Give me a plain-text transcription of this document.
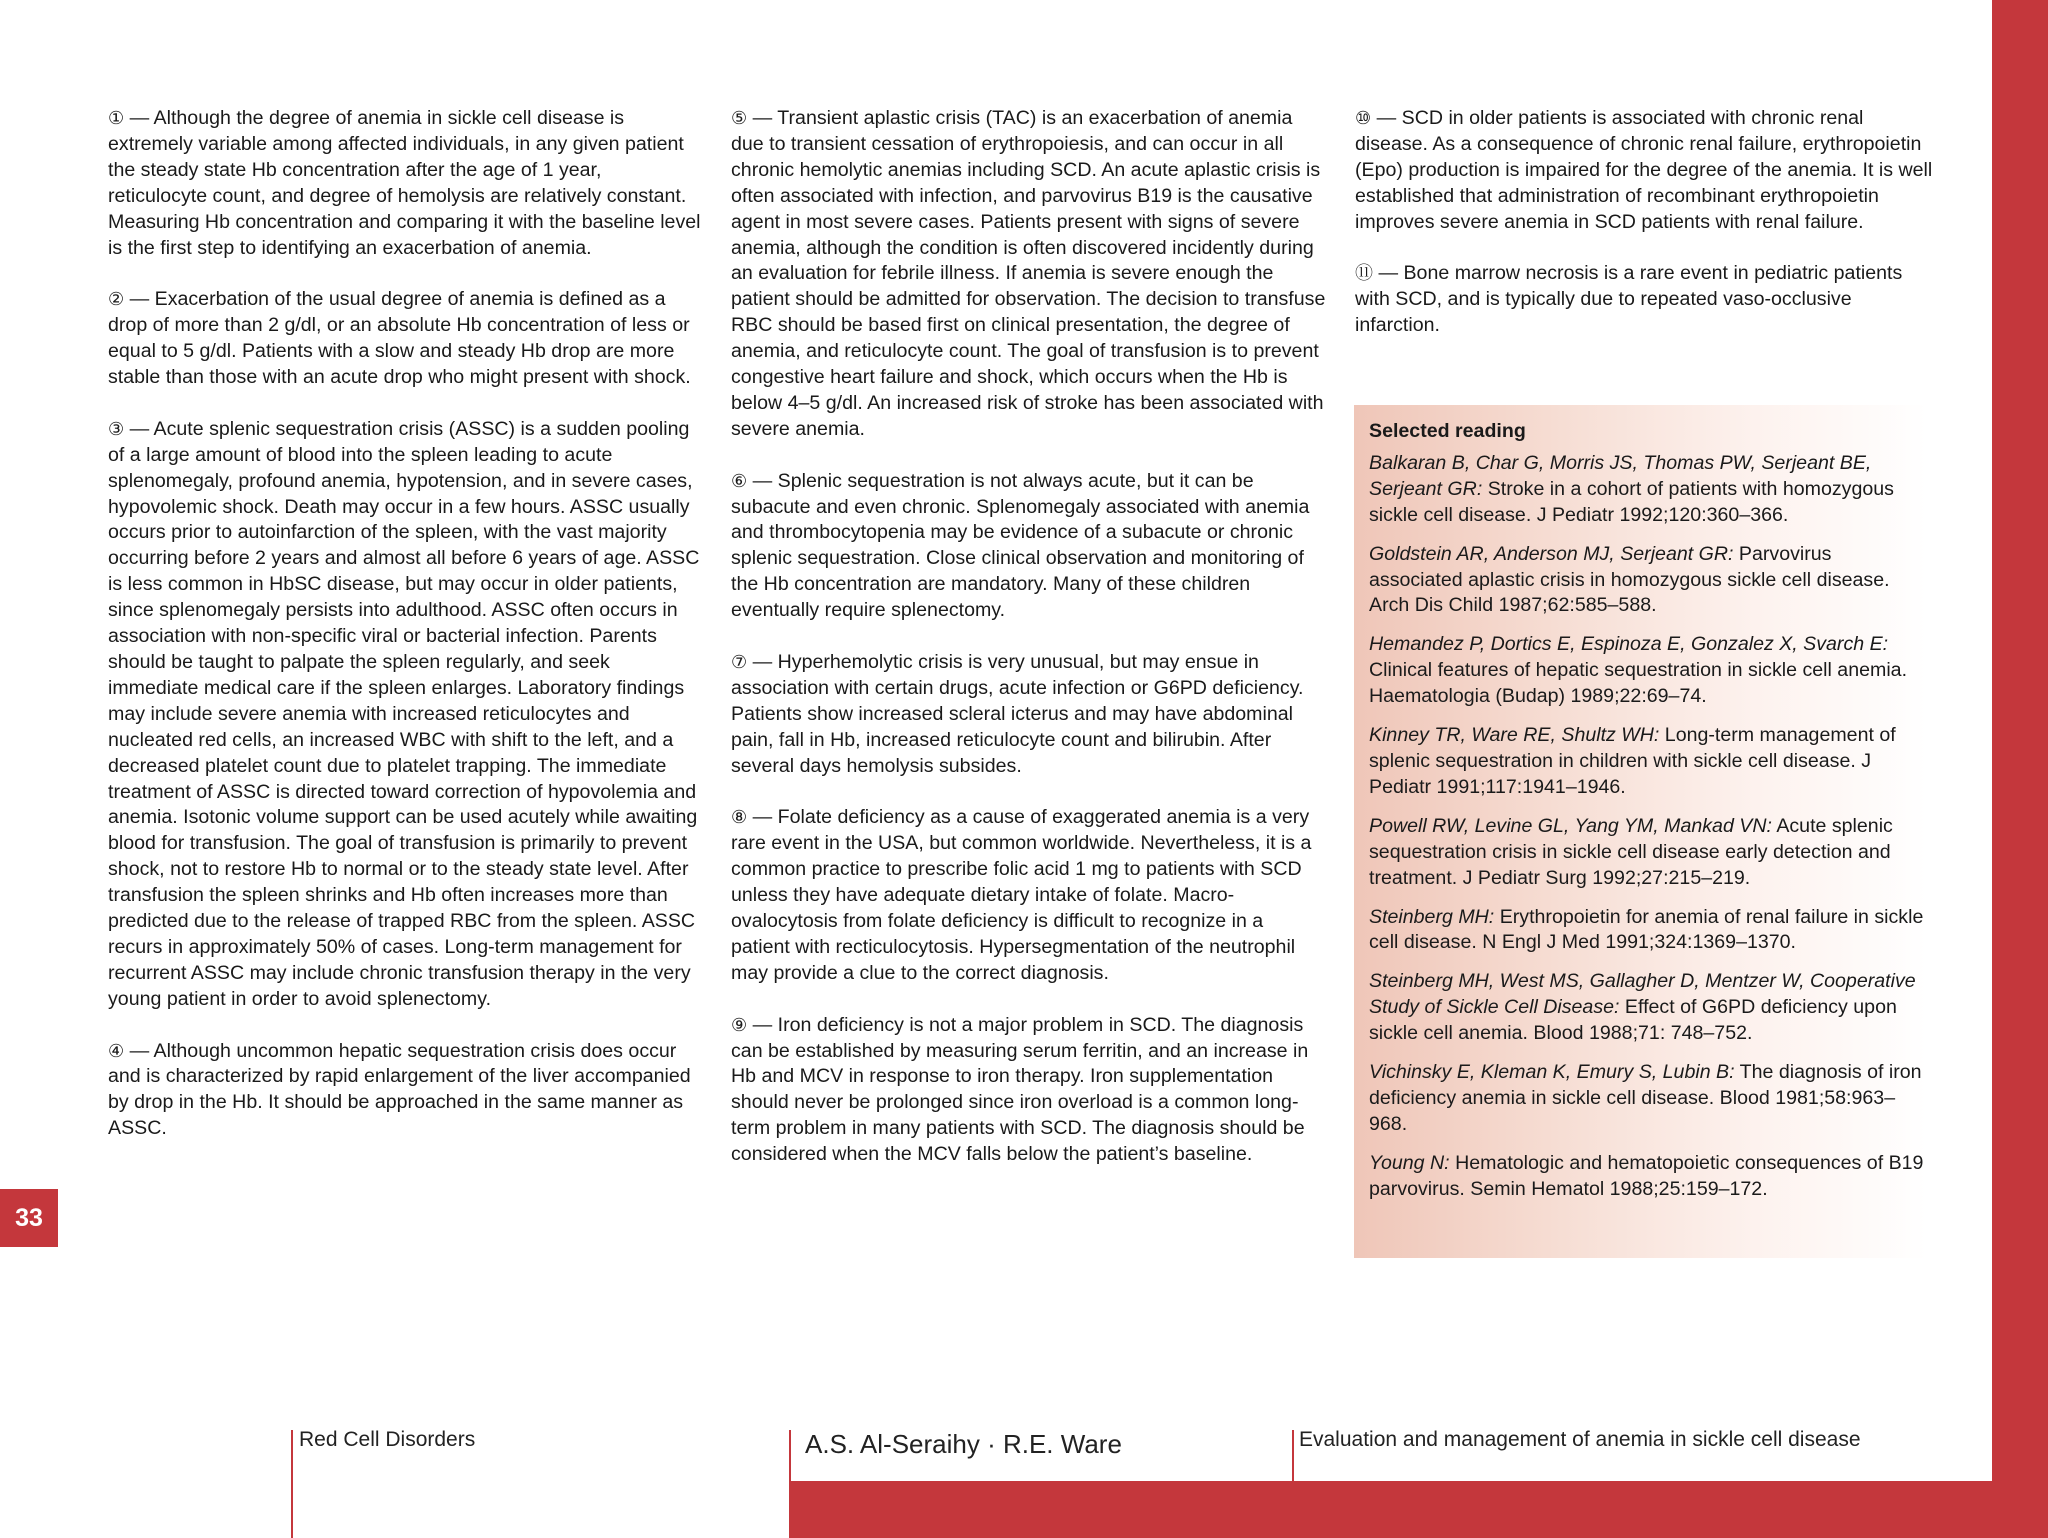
33

① — Although the degree of anemia in sickle cell disease is extremely variable among affected individuals, in any given patient the steady state Hb concentration after the age of 1 year, reticulocyte count, and degree of hemolysis are relatively constant. Measuring Hb concentration and comparing it with the baseline level is the first step to identifying an exacerbation of anemia.

② — Exacerbation of the usual degree of anemia is defined as a drop of more than 2 g/dl, or an absolute Hb concentration of less or equal to 5 g/dl. Patients with a slow and steady Hb drop are more stable than those with an acute drop who might present with shock.

③ — Acute splenic sequestration crisis (ASSC) is a sudden pooling of a large amount of blood into the spleen leading to acute splenomegaly, profound anemia, hypotension, and in severe cases, hypovolemic shock. Death may occur in a few hours. ASSC usually occurs prior to autoinfarction of the spleen, with the vast majority occurring before 2 years and almost all before 6 years of age. ASSC is less common in HbSC disease, but may occur in older patients, since splenomegaly persists into adulthood. ASSC often occurs in association with non-specific viral or bacterial infection. Parents should be taught to palpate the spleen regularly, and seek immediate medical care if the spleen enlarges. Laboratory findings may include severe anemia with increased reticulocytes and nucleated red cells, an increased WBC with shift to the left, and a decreased platelet count due to platelet trapping. The immediate treatment of ASSC is directed toward correction of hypovolemia and anemia. Isotonic volume support can be used acutely while awaiting blood for transfusion. The goal of transfusion is primarily to prevent shock, not to restore Hb to normal or to the steady state level. After transfusion the spleen shrinks and Hb often increases more than predicted due to the release of trapped RBC from the spleen. ASSC recurs in approximately 50% of cases. Long-term management for recurrent ASSC may include chronic transfusion therapy in the very young patient in order to avoid splenectomy.

④ — Although uncommon hepatic sequestration crisis does occur and is characterized by rapid enlargement of the liver accompanied by drop in the Hb. It should be approached in the same manner as ASSC.

⑤ — Transient aplastic crisis (TAC) is an exacerbation of anemia due to transient cessation of erythropoiesis, and can occur in all chronic hemolytic anemias including SCD. An acute aplastic crisis is often associated with infection, and parvovirus B19 is the causative agent in most severe cases. Patients present with signs of severe anemia, although the condition is often discovered incidently during an evaluation for febrile illness. If anemia is severe enough the patient should be admitted for observation. The decision to transfuse RBC should be based first on clinical presentation, the degree of anemia, and reticulocyte count. The goal of transfusion is to prevent congestive heart failure and shock, which occurs when the Hb is below 4–5 g/dl. An increased risk of stroke has been associated with severe anemia.

⑥ — Splenic sequestration is not always acute, but it can be subacute and even chronic. Splenomegaly associated with anemia and thrombocytopenia may be evidence of a subacute or chronic splenic sequestration. Close clinical observation and monitoring of the Hb concentration are mandatory. Many of these children eventually require splenectomy.

⑦ — Hyperhemolytic crisis is very unusual, but may ensue in association with certain drugs, acute infection or G6PD deficiency. Patients show increased scleral icterus and may have abdominal pain, fall in Hb, increased reticulocyte count and bilirubin. After several days hemolysis subsides.

⑧ — Folate deficiency as a cause of exaggerated anemia is a very rare event in the USA, but common worldwide. Nevertheless, it is a common practice to prescribe folic acid 1 mg to patients with SCD unless they have adequate dietary intake of folate. Macro-ovalocytosis from folate deficiency is difficult to recognize in a patient with recticulocytosis. Hypersegmentation of the neutrophil may provide a clue to the correct diagnosis.

⑨ — Iron deficiency is not a major problem in SCD. The diagnosis can be established by measuring serum ferritin, and an increase in Hb and MCV in response to iron therapy. Iron supplementation should never be prolonged since iron overload is a common long-term problem in many patients with SCD. The diagnosis should be considered when the MCV falls below the patient’s baseline.

⑩ — SCD in older patients is associated with chronic renal disease. As a consequence of chronic renal failure, erythropoietin (Epo) production is impaired for the degree of the anemia. It is well established that administration of recombinant erythropoietin improves severe anemia in SCD patients with renal failure.

⑪ — Bone marrow necrosis is a rare event in pediatric patients with SCD, and is typically due to repeated vaso-occlusive infarction.

Selected reading
Balkaran B, Char G, Morris JS, Thomas PW, Serjeant BE, Serjeant GR: Stroke in a cohort of patients with homozygous sickle cell disease. J Pediatr 1992;120:360–366.
Goldstein AR, Anderson MJ, Serjeant GR: Parvovirus associated aplastic crisis in homozygous sickle cell disease. Arch Dis Child 1987;62:585–588.
Hemandez P, Dortics E, Espinoza E, Gonzalez X, Svarch E: Clinical features of hepatic sequestration in sickle cell anemia. Haematologia (Budap) 1989;22:69–74.
Kinney TR, Ware RE, Shultz WH: Long-term management of splenic sequestration in children with sickle cell disease. J Pediatr 1991;117:1941–1946.
Powell RW, Levine GL, Yang YM, Mankad VN: Acute splenic sequestration crisis in sickle cell disease early detection and treatment. J Pediatr Surg 1992;27:215–219.
Steinberg MH: Erythropoietin for anemia of renal failure in sickle cell disease. N Engl J Med 1991;324:1369–1370.
Steinberg MH, West MS, Gallagher D, Mentzer W, Cooperative Study of Sickle Cell Disease: Effect of G6PD deficiency upon sickle cell anemia. Blood 1988;71: 748–752.
Vichinsky E, Kleman K, Emury S, Lubin B: The diagnosis of iron deficiency anemia in sickle cell disease. Blood 1981;58:963–968.
Young N: Hematologic and hematopoietic consequences of B19 parvovirus. Semin Hematol 1988;25:159–172.
Red Cell Disorders	A.S. Al-Seraihy · R.E. Ware	Evaluation and management of anemia in sickle cell disease
